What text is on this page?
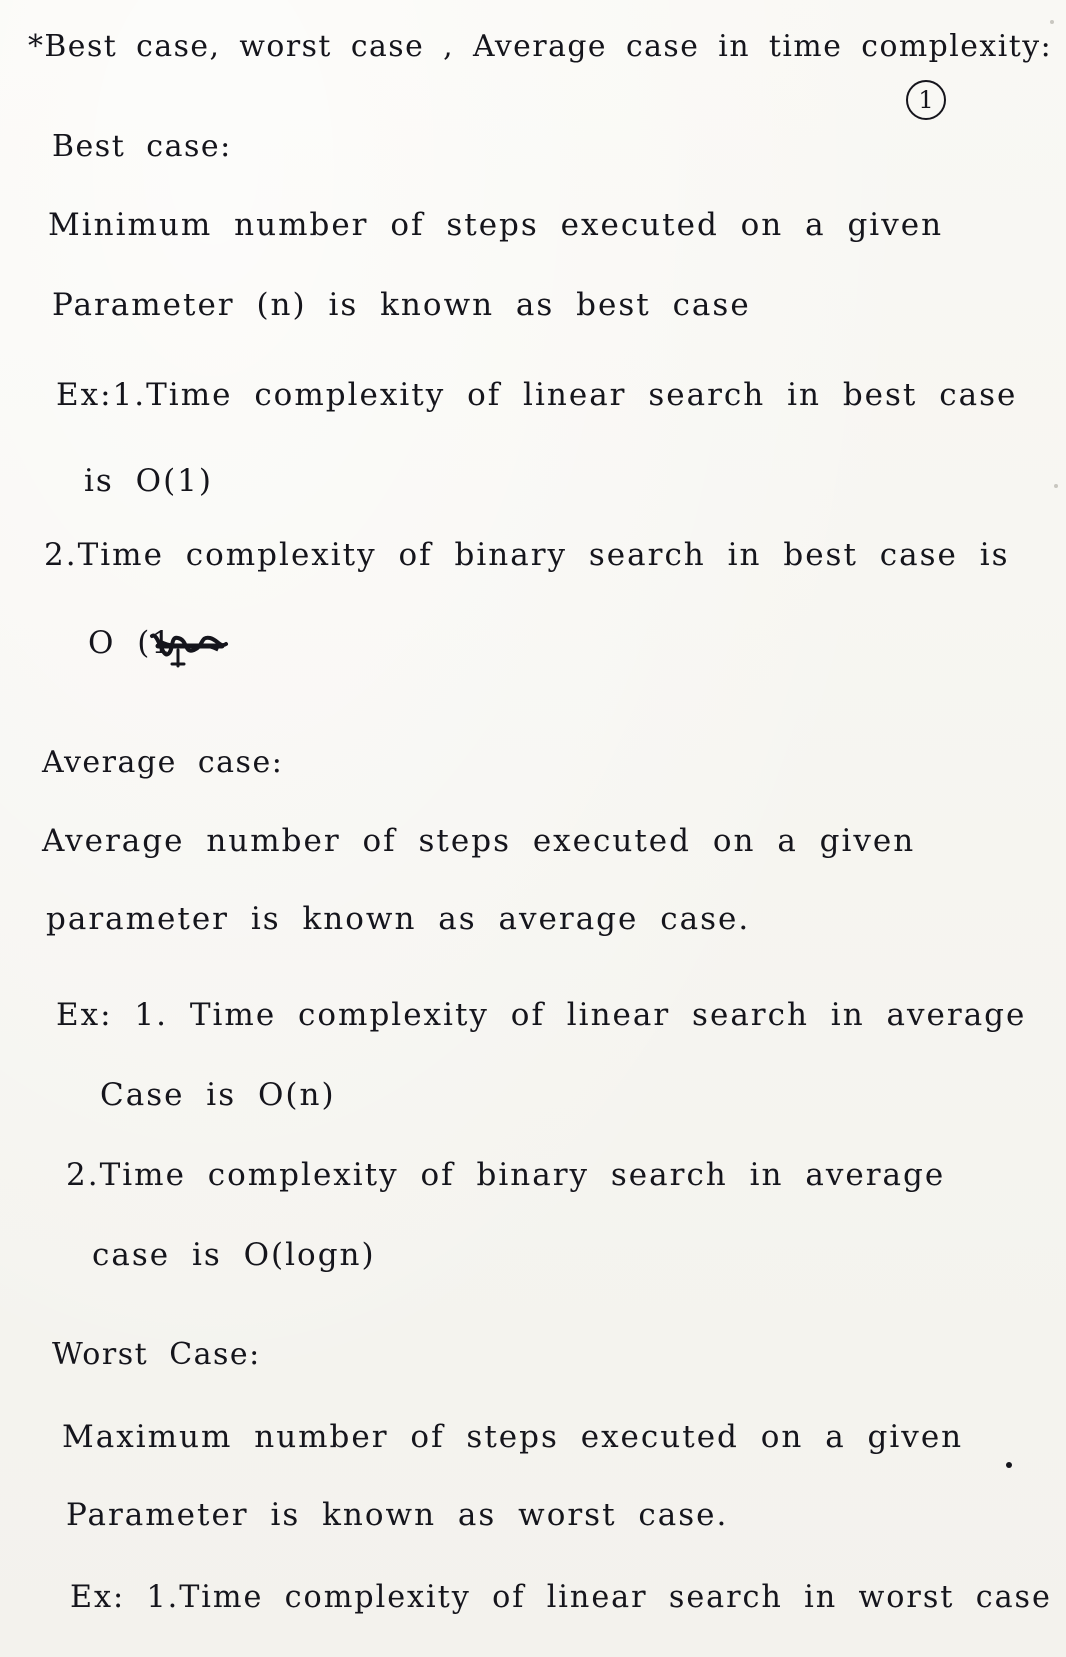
*Best case, worst case , Average case in time complexity:
1
Best case:
Minimum number of steps executed on a given
Parameter (n) is known as best case
Ex:1.Time complexity of linear search in best case
is O(1)
2.Time complexity of binary search in best case is
O (1
Average case:
Average number of steps executed on a given
parameter is known as average case.
Ex: 1. Time complexity of linear search in average
Case is O(n)
2.Time complexity of binary search in average
case is O(logn)
Worst Case:
Maximum number of steps executed on a given
Parameter is known as worst case.
Ex: 1.Time complexity of linear search in worst case
